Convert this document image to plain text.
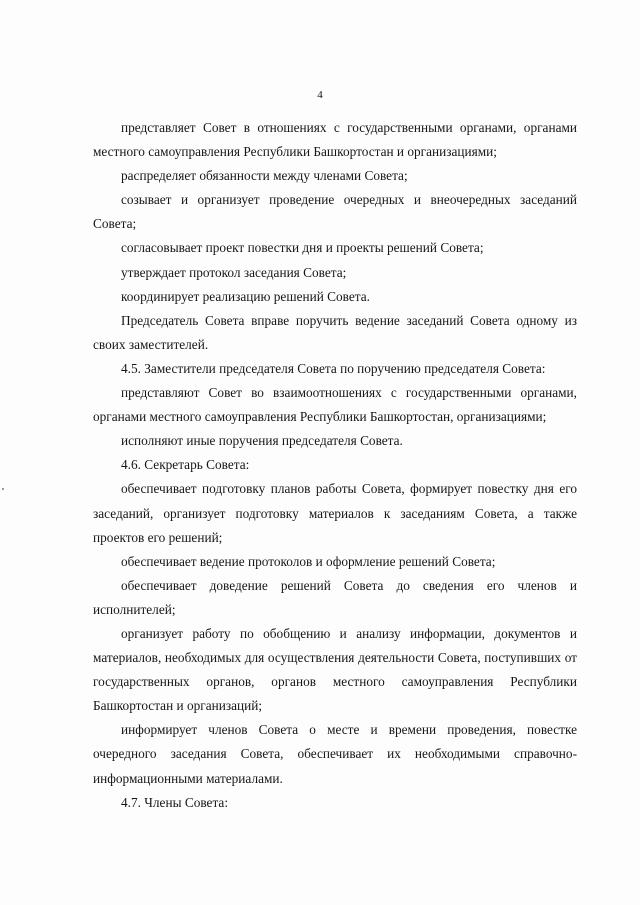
4

представляет Совет в отношениях с государственными органами, органами местного самоуправления Республики Башкортостан и организациями;

распределяет обязанности между членами Совета;

созывает и организует проведение очередных и внеочередных заседаний Совета;

согласовывает проект повестки дня и проекты решений Совета;

утверждает протокол заседания Совета;

координирует реализацию решений Совета.

Председатель Совета вправе поручить ведение заседаний Совета одному из своих заместителей.

4.5. Заместители председателя Совета по поручению председателя Совета:

представляют Совет во взаимоотношениях с государственными органами, органами местного самоуправления Республики Башкортостан, организациями;

исполняют иные поручения председателя Совета.

4.6. Секретарь Совета:

обеспечивает подготовку планов работы Совета, формирует повестку дня его заседаний, организует подготовку материалов к заседаниям Совета, а также проектов его решений;

обеспечивает ведение протоколов и оформление решений Совета;

обеспечивает доведение решений Совета до сведения его членов и исполнителей;

организует работу по обобщению и анализу информации, документов и материалов, необходимых для осуществления деятельности Совета, поступивших от государственных органов, органов местного самоуправления Республики Башкортостан и организаций;

информирует членов Совета о месте и времени проведения, повестке очередного заседания Совета, обеспечивает их необходимыми справочно-информационными материалами.

4.7. Члены Совета:
